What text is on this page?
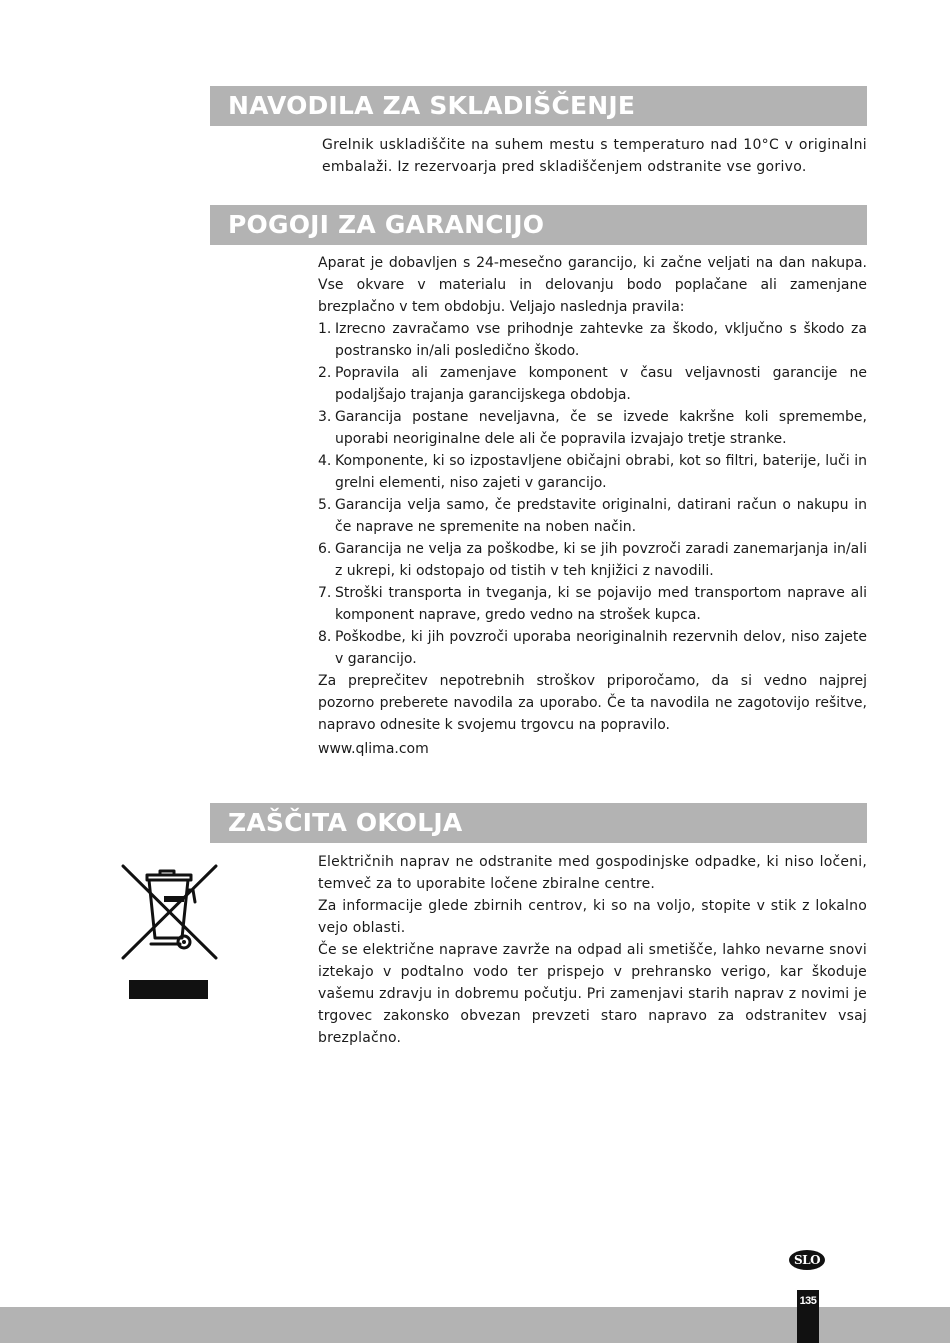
NAVODILA ZA SKLADIŠČENJE

Grelnik uskladiščite na suhem mestu s temperaturo nad 10°C v originalni embalaži. Iz rezervoarja pred skladiščenjem odstranite vse gorivo.

POGOJI ZA GARANCIJO

Aparat je dobavljen s 24-mesečno garancijo, ki začne veljati na dan nakupa. Vse okvare v materialu in delovanju bodo poplačane ali zamenjane brezplačno v tem obdobju. Veljajo naslednja pravila:

1. Izrecno zavračamo vse prihodnje zahtevke za škodo, vključno s škodo za postransko in/ali posledično škodo.
2. Popravila ali zamenjave komponent v času veljavnosti garancije ne podaljšajo trajanja garancijskega obdobja.
3. Garancija postane neveljavna, če se izvede kakršne koli spremembe, uporabi neoriginalne dele ali če popravila izvajajo tretje stranke.
4. Komponente, ki so izpostavljene običajni obrabi, kot so filtri, baterije, luči in grelni elementi, niso zajeti v garancijo.
5. Garancija velja samo, če predstavite originalni, datirani račun o nakupu in če naprave ne spremenite na noben način.
6. Garancija ne velja za poškodbe, ki se jih povzroči zaradi zanemarjanja in/ali z ukrepi, ki odstopajo od tistih v teh knjižici z navodili.
7. Stroški transporta in tveganja, ki se pojavijo med transportom naprave ali komponent naprave, gredo vedno na strošek kupca.
8. Poškodbe, ki jih povzroči uporaba neoriginalnih rezervnih delov, niso zajete v garancijo.

Za preprečitev nepotrebnih stroškov priporočamo, da si vedno najprej pozorno preberete navodila za uporabo. Če ta navodila ne zagotovijo rešitve, napravo odnesite k svojemu trgovcu na popravilo.

www.qlima.com

ZAŠČITA OKOLJA

Električnih naprav ne odstranite med gospodinjske odpadke, ki niso ločeni, temveč za to uporabite ločene zbiralne centre.

Za informacije glede zbirnih centrov, ki so na voljo, stopite v stik z lokalno vejo oblasti.

Če se električne naprave zavrže na odpad ali smetišče, lahko nevarne snovi iztekajo v podtalno vodo ter prispejo v prehransko verigo, kar škoduje vašemu zdravju in dobremu počutju. Pri zamenjavi starih naprav z novimi je trgovec zakonsko obvezan prevzeti staro napravo za odstranitev vsaj brezplačno.

SLO
135
